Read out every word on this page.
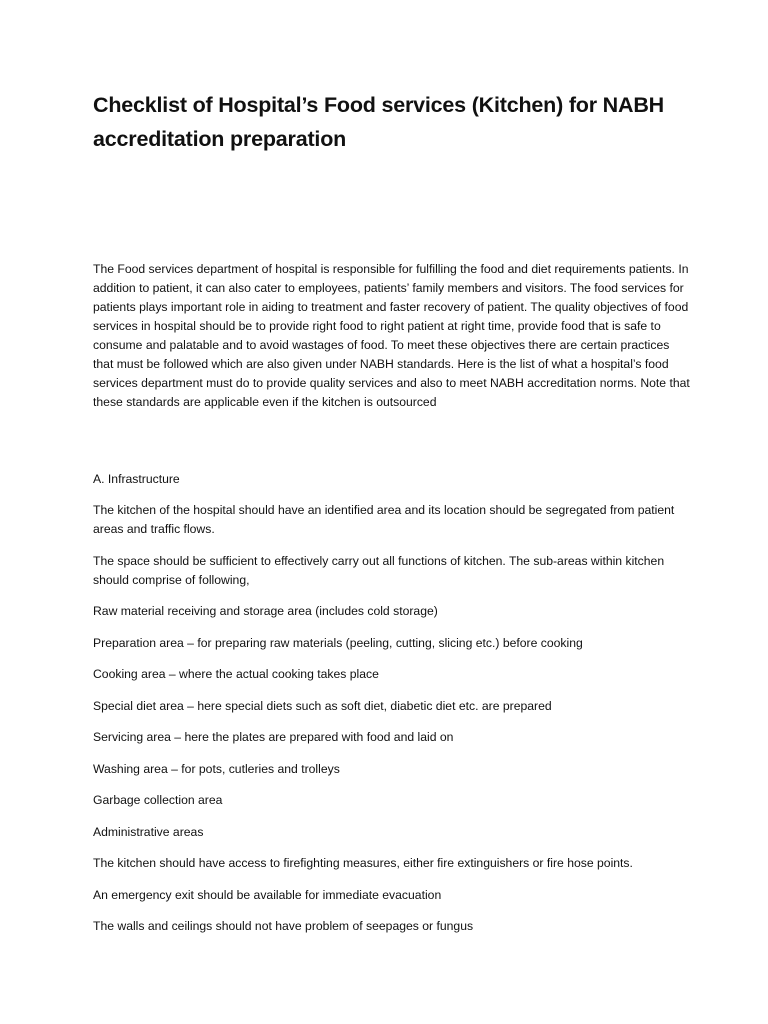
Checklist of Hospital’s Food services (Kitchen) for NABH accreditation preparation

The Food services department of hospital is responsible for fulfilling the food and diet requirements patients. In addition to patient, it can also cater to employees, patients’ family members and visitors. The food services for patients plays important role in aiding to treatment and faster recovery of patient. The quality objectives of food services in hospital should be to provide right food to right patient at right time, provide food that is safe to consume and palatable and to avoid wastages of food. To meet these objectives there are certain practices that must be followed which are also given under NABH standards. Here is the list of what a hospital’s food services department must do to provide quality services and also to meet NABH accreditation norms. Note that these standards are applicable even if the kitchen is outsourced

A. Infrastructure

The kitchen of the hospital should have an identified area and its location should be segregated from patient areas and traffic flows.

The space should be sufficient to effectively carry out all functions of kitchen. The sub-areas within kitchen should comprise of following,

Raw material receiving and storage area (includes cold storage)

Preparation area – for preparing raw materials (peeling, cutting, slicing etc.) before cooking

Cooking area – where the actual cooking takes place

Special diet area – here special diets such as soft diet, diabetic diet etc. are prepared

Servicing area – here the plates are prepared with food and laid on

Washing area – for pots, cutleries and trolleys

Garbage collection area

Administrative areas

The kitchen should have access to firefighting measures, either fire extinguishers or fire hose points.

An emergency exit should be available for immediate evacuation

The walls and ceilings should not have problem of seepages or fungus
